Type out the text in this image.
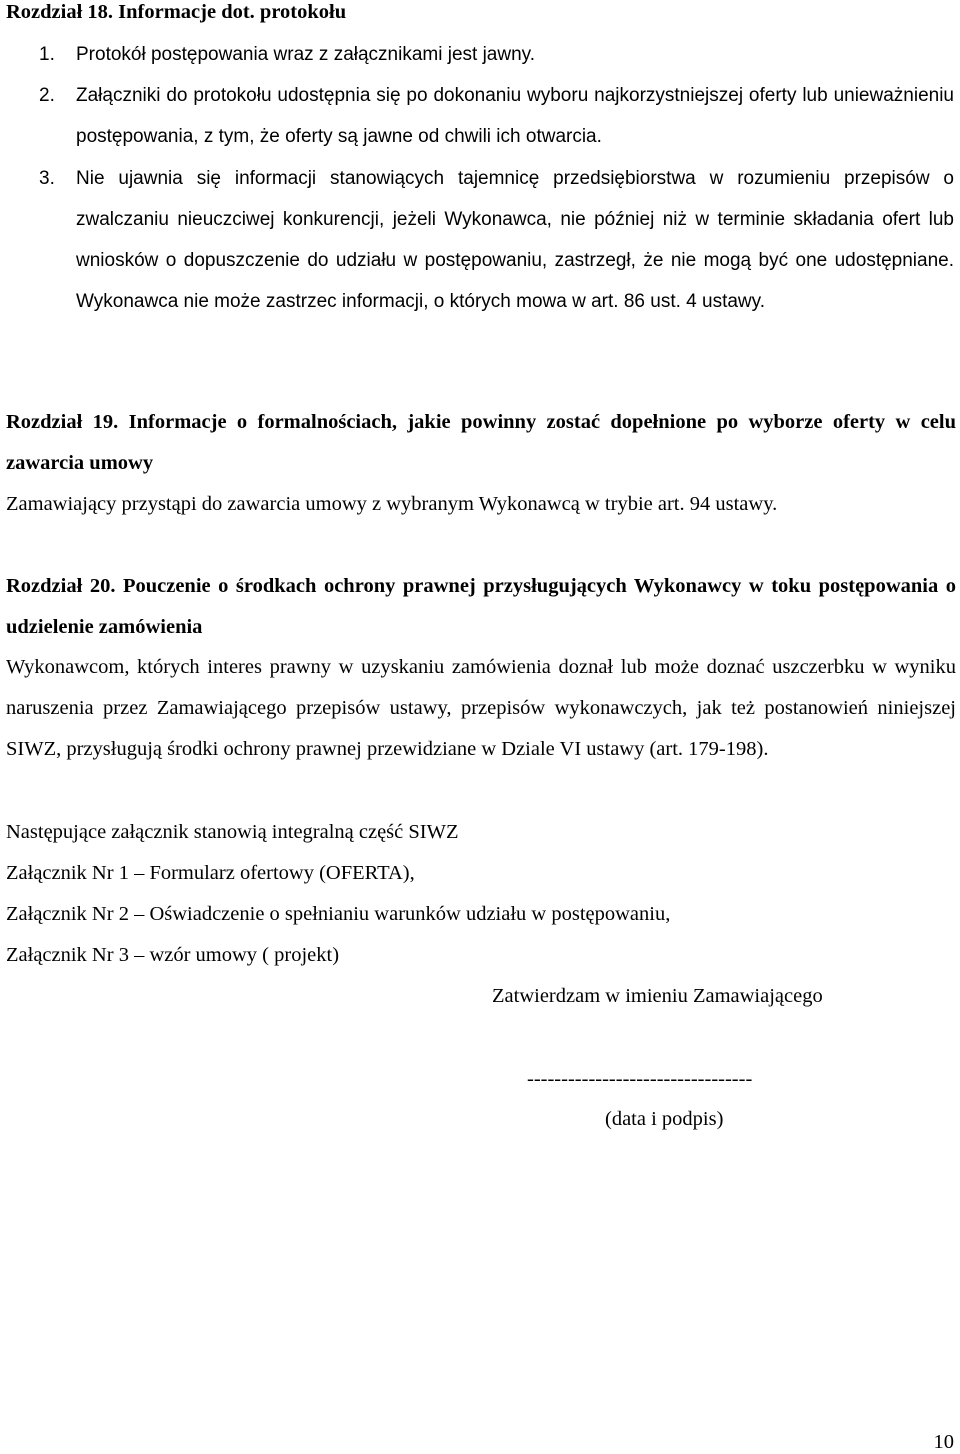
Rozdział 18. Informacje dot. protokołu
1. Protokół postępowania wraz z załącznikami jest jawny.
2. Załączniki do protokołu udostępnia się po dokonaniu wyboru najkorzystniejszej oferty lub unieważnieniu postępowania, z tym, że oferty są jawne od chwili ich otwarcia.
3. Nie ujawnia się informacji stanowiących tajemnicę przedsiębiorstwa w rozumieniu przepisów o zwalczaniu nieuczciwej konkurencji, jeżeli Wykonawca, nie później niż w terminie składania ofert lub wniosków o dopuszczenie do udziału w postępowaniu, zastrzegł, że nie mogą być one udostępniane. Wykonawca nie może zastrzec informacji, o których mowa w art. 86 ust. 4 ustawy.
Rozdział 19. Informacje o formalnościach, jakie powinny zostać dopełnione po wyborze oferty w celu zawarcia umowy
Zamawiający przystąpi do zawarcia umowy z wybranym Wykonawcą w trybie art. 94 ustawy.
Rozdział 20. Pouczenie o środkach ochrony prawnej przysługujących Wykonawcy w toku postępowania o udzielenie zamówienia
Wykonawcom, których interes prawny w uzyskaniu zamówienia doznał lub może doznać uszczerbku w wyniku naruszenia przez Zamawiającego przepisów ustawy, przepisów wykonawczych, jak też postanowień niniejszej SIWZ, przysługują środki ochrony prawnej przewidziane w Dziale VI ustawy (art. 179-198).
Następujące załącznik stanowią integralną część SIWZ
Załącznik Nr 1 – Formularz ofertowy (OFERTA),
Załącznik Nr 2 – Oświadczenie o spełnianiu warunków udziału w postępowaniu,
Załącznik Nr 3 – wzór umowy ( projekt)
Zatwierdzam w imieniu Zamawiającego
---------------------------------
(data i podpis)
10
